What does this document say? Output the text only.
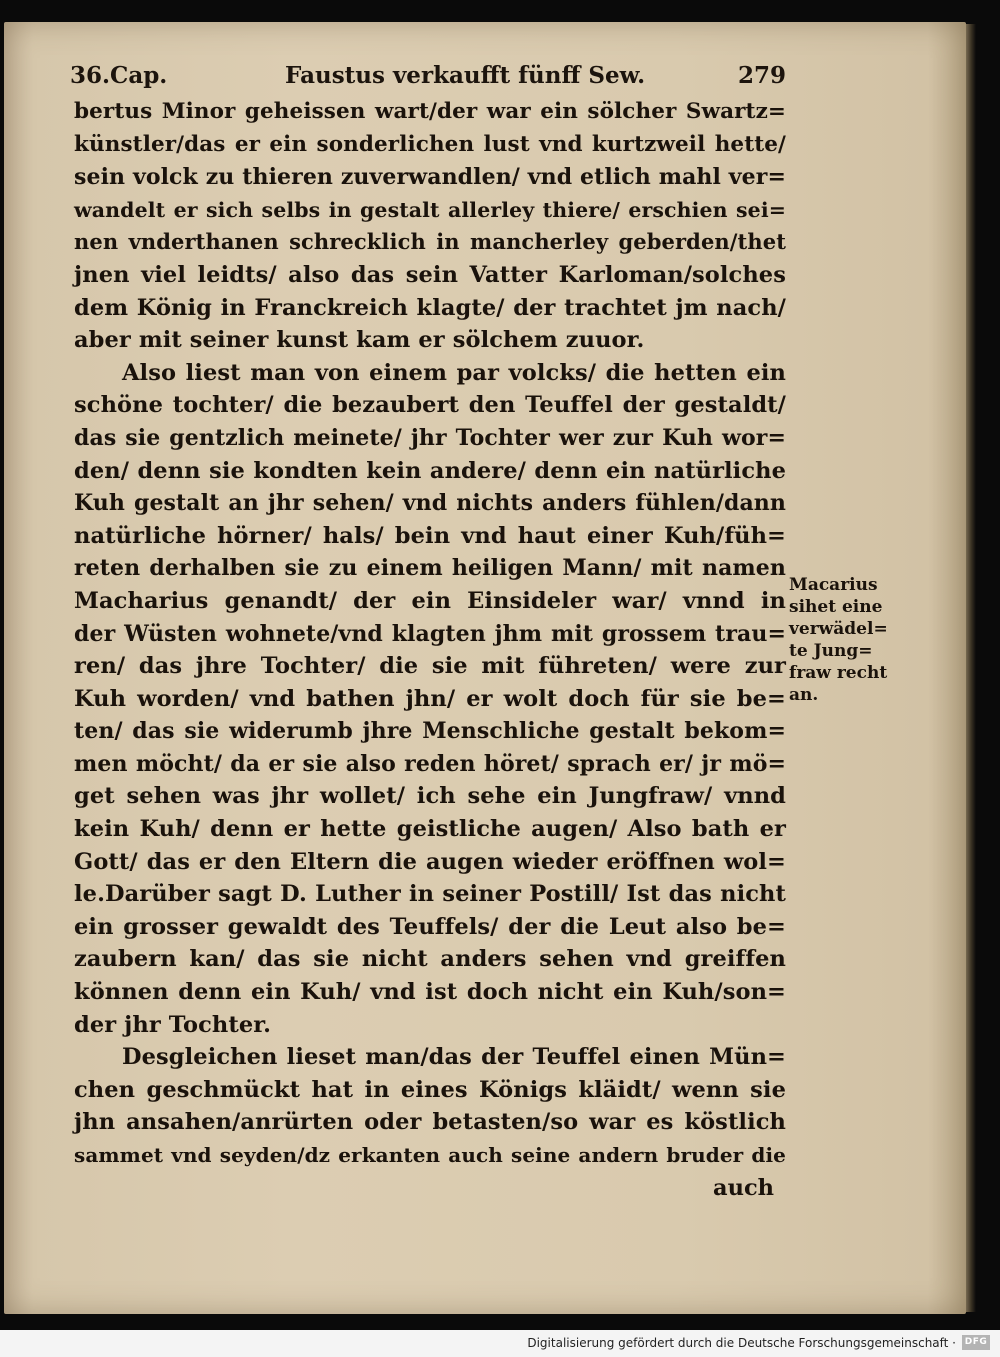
36.Cap.	Faustus verkaufft fünff Sew.	279
bertus Minor geheissen wart/der war ein sölcher Swartz=
künstler/das er ein sonderlichen lust vnd kurtzweil hette/
sein volck zu thieren zuverwandlen/ vnd etlich mahl ver=
wandelt er sich selbs in gestalt allerley thiere/ erschien sei=
nen vnderthanen schrecklich in mancherley geberden/thet
jnen viel leidts/ also das sein Vatter Karloman/solches
dem König in Franckreich klagte/ der trachtet jm nach/
aber mit seiner kunst kam er sölchem zuuor.
Also liest man von einem par volcks/ die hetten ein
schöne tochter/ die bezaubert den Teuffel der gestaldt/
das sie gentzlich meinete/ jhr Tochter wer zur Kuh wor=
den/ denn sie kondten kein andere/ denn ein natürliche
Kuh gestalt an jhr sehen/ vnd nichts anders fühlen/dann
natürliche hörner/ hals/ bein vnd haut einer Kuh/füh=
reten derhalben sie zu einem heiligen Mann/ mit namen
Macharius genandt/ der ein Einsideler war/ vnnd in
der Wüsten wohnete/vnd klagten jhm mit grossem trau=
ren/ das jhre Tochter/ die sie mit führeten/ were zur
Kuh worden/ vnd bathen jhn/ er wolt doch für sie be=
ten/ das sie widerumb jhre Menschliche gestalt bekom=
men möcht/ da er sie also reden höret/ sprach er/ jr mö=
get sehen was jhr wollet/ ich sehe ein Jungfraw/ vnnd
kein Kuh/ denn er hette geistliche augen/ Also bath er
Gott/ das er den Eltern die augen wieder eröffnen wol=
le.Darüber sagt D. Luther in seiner Postill/ Ist das nicht
ein grosser gewaldt des Teuffels/ der die Leut also be=
zaubern kan/ das sie nicht anders sehen vnd greiffen
können denn ein Kuh/ vnd ist doch nicht ein Kuh/son=
der jhr Tochter.
Desgleichen lieset man/das der Teuffel einen Mün=
chen geschmückt hat in eines Königs kläidt/ wenn sie
jhn ansahen/anrürten oder betasten/so war es köstlich
sammet vnd seyden/dz erkanten auch seine andern bruder die
auch
Macarius
sihet eine
verwädel=
te Jung=
fraw recht
an.
Digitalisierung gefördert durch die Deutsche Forschungsgemeinschaft · DFG
